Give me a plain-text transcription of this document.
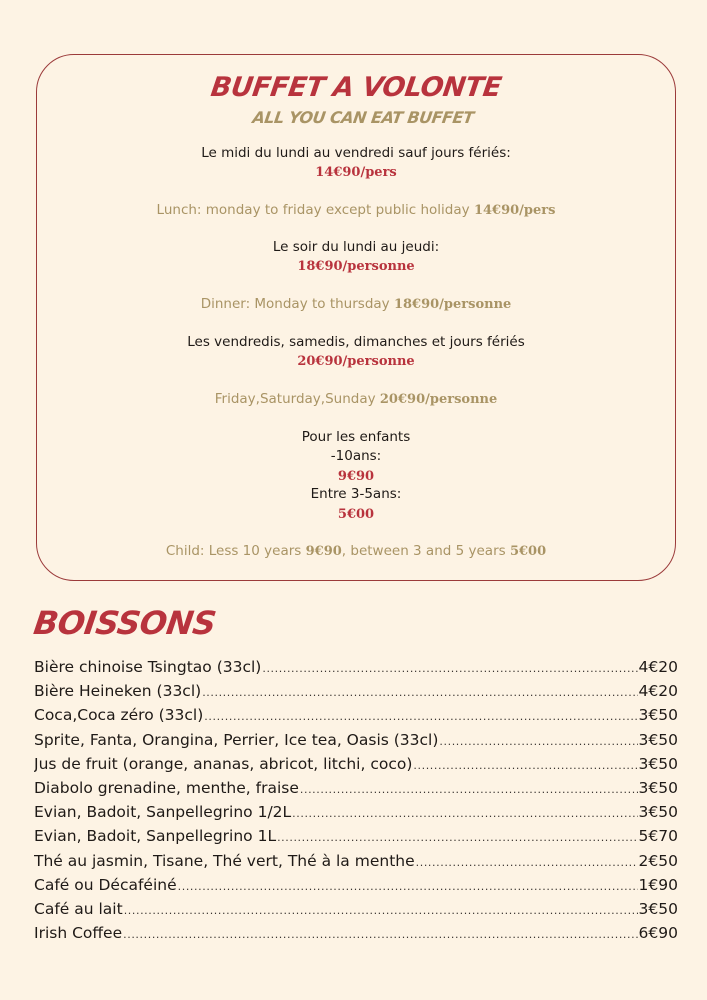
BUFFET A VOLONTE
ALL YOU CAN EAT BUFFET
Le midi du lundi au vendredi sauf jours fériés:
14€90/pers
Lunch: monday to friday except public holiday 14€90/pers
Le soir du lundi au jeudi:
18€90/personne
Dinner: Monday to thursday 18€90/personne
Les vendredis, samedis, dimanches et jours fériés
20€90/personne
Friday,Saturday,Sunday 20€90/personne
Pour les enfants
-10ans:
9€90
Entre 3-5ans:
5€00
Child: Less 10 years 9€90, between 3 and 5 years 5€00
BOISSONS
Bière chinoise Tsingtao (33cl) .....	4€20
Bière Heineken (33cl) .....	4€20
Coca,Coca zéro (33cl) .....	3€50
Sprite, Fanta, Orangina, Perrier, Ice tea, Oasis (33cl) .....	3€50
Jus de fruit (orange, ananas, abricot, litchi, coco) .....	3€50
Diabolo grenadine, menthe, fraise .....	3€50
Evian, Badoit, Sanpellegrino 1/2L .....	3€50
Evian, Badoit, Sanpellegrino 1L .....	5€70
Thé au jasmin, Tisane, Thé vert, Thé à la menthe .....	2€50
Café ou Décaféiné .....	1€90
Café au lait .....	3€50
Irish Coffee .....	6€90
